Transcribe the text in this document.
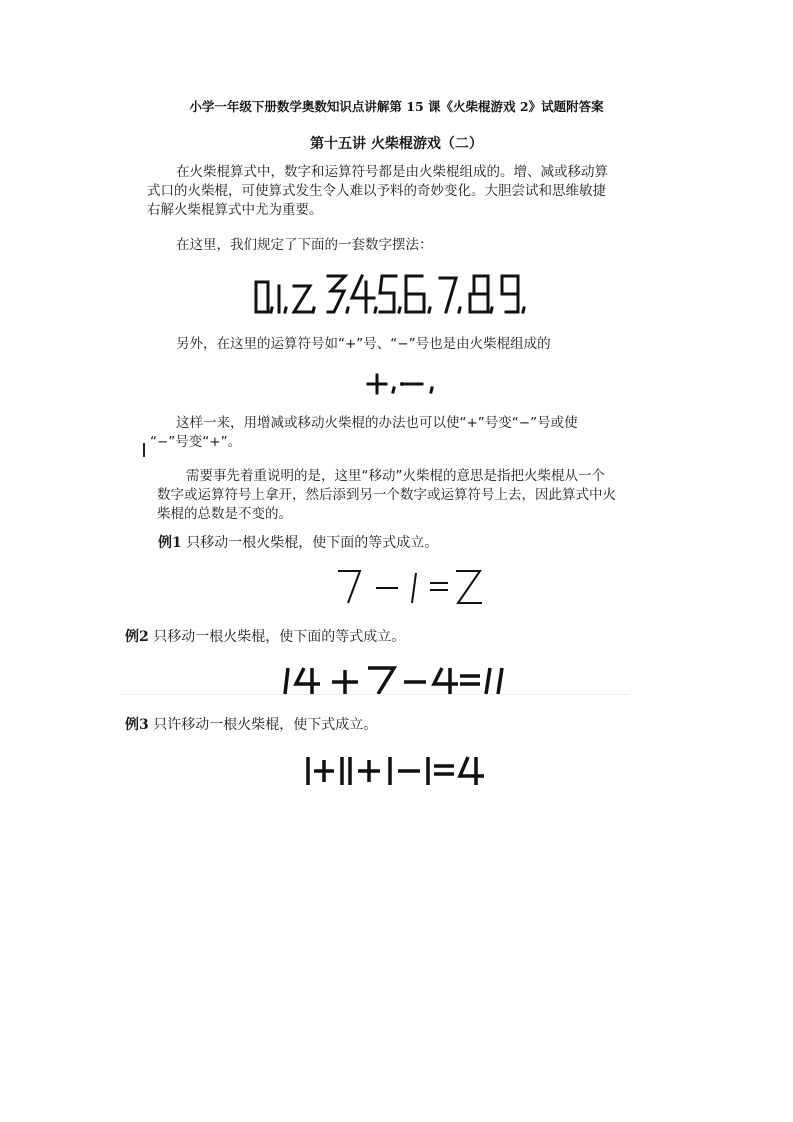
小学一年级下册数学奥数知识点讲解第 15 课《火柴棍游戏 2》试题附答案
第十五讲 火柴棍游戏（二）
在火柴棍算式中，数字和运算符号都是由火柴棍组成的。增、减或移动算
式口的火柴棍，可使算式发生令人难以予料的奇妙变化。大胆尝试和思维敏捷
右解火柴棍算式中尤为重要。
在这里，我们规定了下面的一套数字摆法：
另外，在这里的运算符号如“+”号、“−”号也是由火柴棍组成的
这样一来，用增减或移动火柴棍的办法也可以使“+”号变“−”号或使
“−”号变“+”。
需要事先着重说明的是，这里“移动”火柴棍的意思是指把火柴棍从一个
数字或运算符号上拿开，然后添到另一个数字或运算符号上去，因此算式中火
柴棍的总数是不变的。
例1 只移动一根火柴棍，使下面的等式成立。
例2 只移动一根火柴棍，使下面的等式成立。
例3 只许移动一根火柴棍，使下式成立。
